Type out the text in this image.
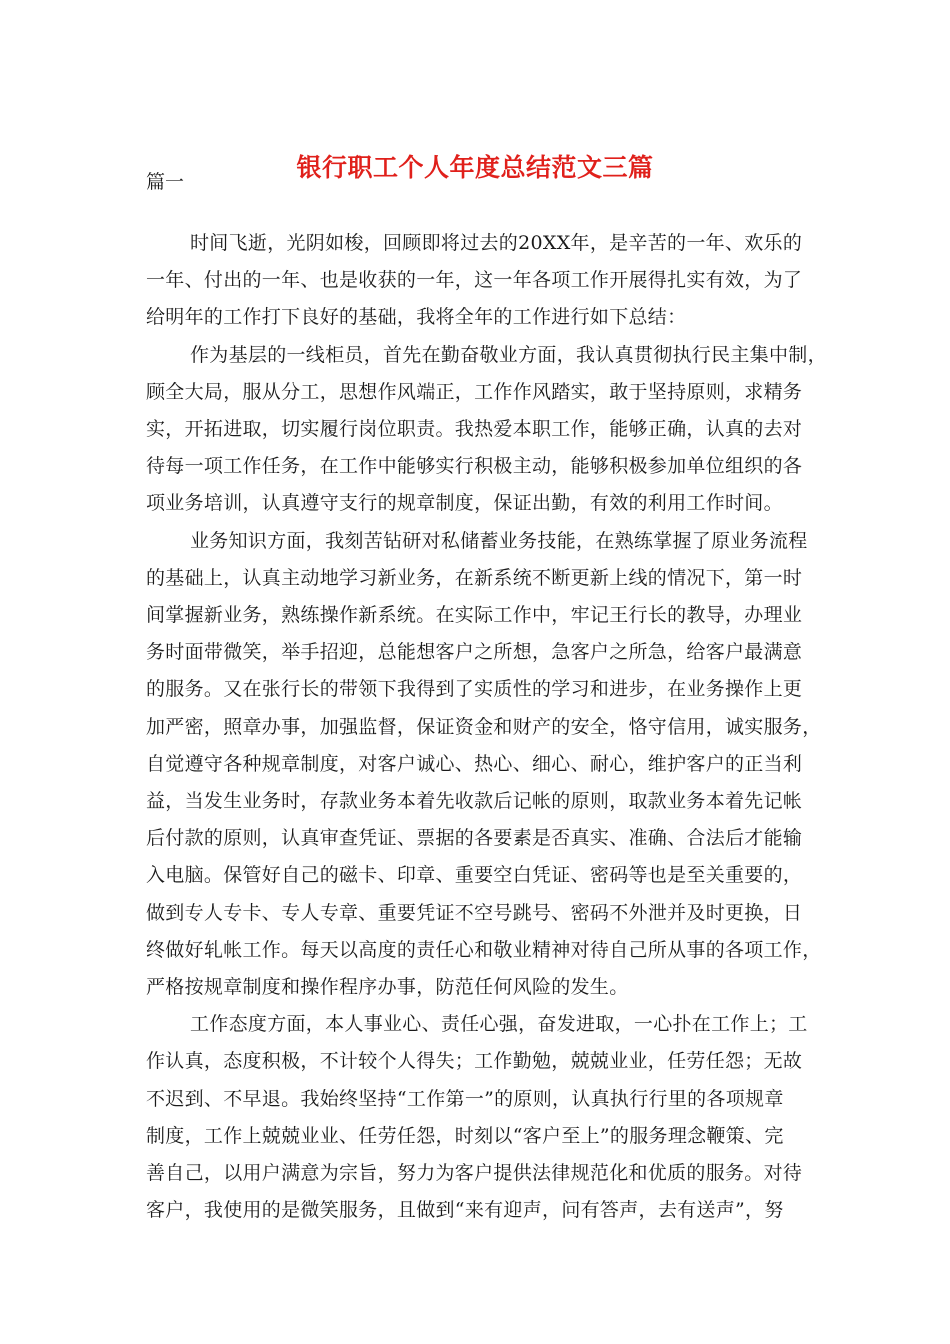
银行职工个人年度总结范文三篇
篇一
时间飞逝，光阴如梭，回顾即将过去的20XX年，是辛苦的一年、欢乐的
一年、付出的一年、也是收获的一年，这一年各项工作开展得扎实有效，为了
给明年的工作打下良好的基础，我将全年的工作进行如下总结：
作为基层的一线柜员，首先在勤奋敬业方面，我认真贯彻执行民主集中制，
顾全大局，服从分工，思想作风端正，工作作风踏实，敢于坚持原则，求精务
实，开拓进取，切实履行岗位职责。我热爱本职工作，能够正确，认真的去对
待每一项工作任务，在工作中能够实行积极主动，能够积极参加单位组织的各
项业务培训，认真遵守支行的规章制度，保证出勤，有效的利用工作时间。
业务知识方面，我刻苦钻研对私储蓄业务技能，在熟练掌握了原业务流程
的基础上，认真主动地学习新业务，在新系统不断更新上线的情况下，第一时
间掌握新业务，熟练操作新系统。在实际工作中，牢记王行长的教导，办理业
务时面带微笑，举手招迎，总能想客户之所想，急客户之所急，给客户最满意
的服务。又在张行长的带领下我得到了实质性的学习和进步，在业务操作上更
加严密，照章办事，加强监督，保证资金和财产的安全，恪守信用，诚实服务，
自觉遵守各种规章制度，对客户诚心、热心、细心、耐心，维护客户的正当利
益，当发生业务时，存款业务本着先收款后记帐的原则，取款业务本着先记帐
后付款的原则，认真审查凭证、票据的各要素是否真实、准确、合法后才能输
入电脑。保管好自己的磁卡、印章、重要空白凭证、密码等也是至关重要的，
做到专人专卡、专人专章、重要凭证不空号跳号、密码不外泄并及时更换，日
终做好轧帐工作。每天以高度的责任心和敬业精神对待自己所从事的各项工作，
严格按规章制度和操作程序办事，防范任何风险的发生。
工作态度方面，本人事业心、责任心强，奋发进取，一心扑在工作上；工
作认真，态度积极，不计较个人得失；工作勤勉，兢兢业业，任劳任怨；无故
不迟到、不早退。我始终坚持“工作第一”的原则，认真执行行里的各项规章
制度，工作上兢兢业业、任劳任怨，时刻以“客户至上”的服务理念鞭策、完
善自己，以用户满意为宗旨，努力为客户提供法律规范化和优质的服务。对待
客户，我使用的是微笑服务，且做到“来有迎声，问有答声，去有送声”，努
